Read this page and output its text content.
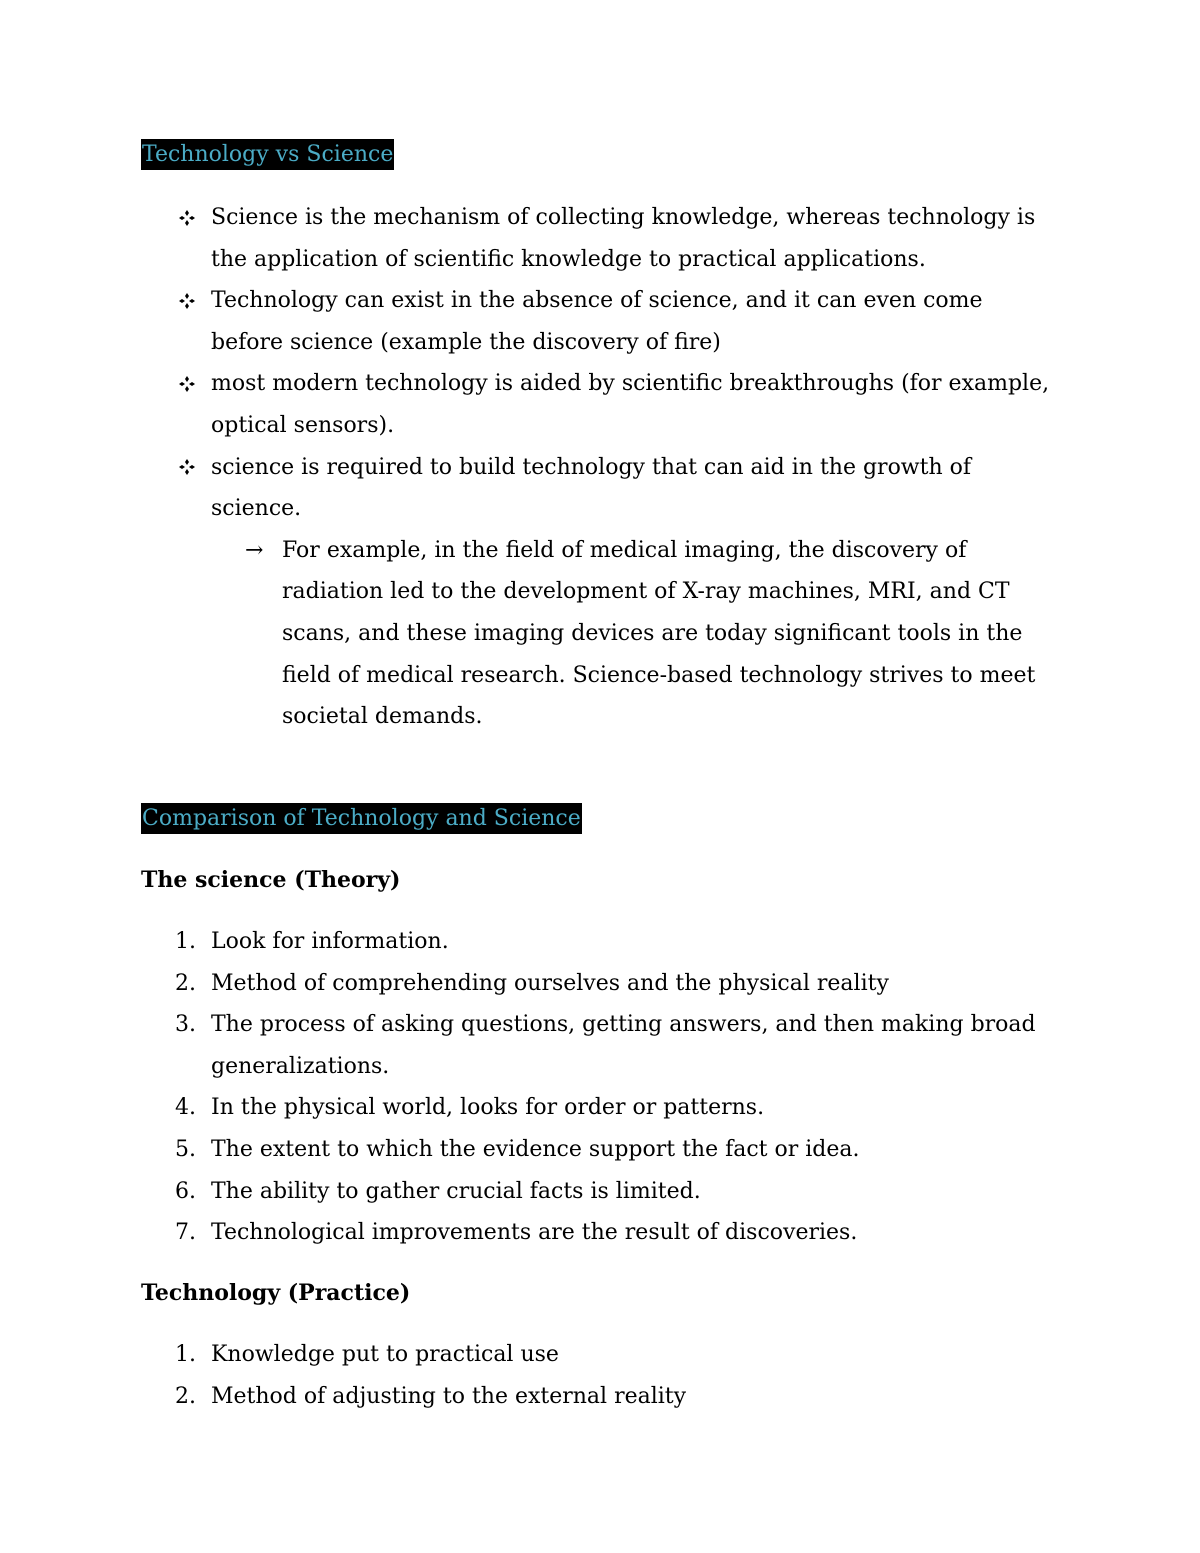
Technology vs Science
Science is the mechanism of collecting knowledge, whereas technology is the application of scientific knowledge to practical applications.
Technology can exist in the absence of science, and it can even come before science (example the discovery of fire)
most modern technology is aided by scientific breakthroughs (for example, optical sensors).
science is required to build technology that can aid in the growth of science.
→ For example, in the field of medical imaging, the discovery of radiation led to the development of X-ray machines, MRI, and CT scans, and these imaging devices are today significant tools in the field of medical research. Science-based technology strives to meet societal demands.
Comparison of Technology and Science
The science (Theory)
1. Look for information.
2. Method of comprehending ourselves and the physical reality
3. The process of asking questions, getting answers, and then making broad generalizations.
4. In the physical world, looks for order or patterns.
5. The extent to which the evidence support the fact or idea.
6. The ability to gather crucial facts is limited.
7. Technological improvements are the result of discoveries.
Technology (Practice)
1. Knowledge put to practical use
2. Method of adjusting to the external reality
